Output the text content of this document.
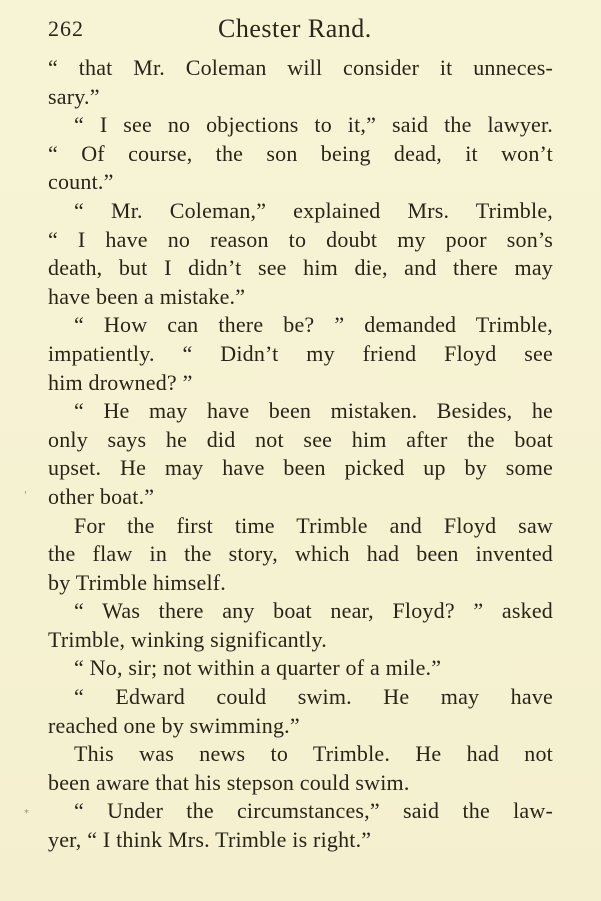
262	Chester Rand.
“ that Mr. Coleman will consider it unneces-
sary.”
“ I see no objections to it,” said the lawyer.
“ Of course, the son being dead, it won’t
count.”
“ Mr. Coleman,” explained Mrs. Trimble,
“ I have no reason to doubt my poor son’s
death, but I didn’t see him die, and there may
have been a mistake.”
“ How can there be? ” demanded Trimble,
impatiently. “ Didn’t my friend Floyd see
him drowned? ”
“ He may have been mistaken. Besides, he
only says he did not see him after the boat
upset. He may have been picked up by some
other boat.”
For the first time Trimble and Floyd saw
the flaw in the story, which had been invented
by Trimble himself.
“ Was there any boat near, Floyd? ” asked
Trimble, winking significantly.
“ No, sir; not within a quarter of a mile.”
“ Edward could swim. He may have
reached one by swimming.”
This was news to Trimble. He had not
been aware that his stepson could swim.
“ Under the circumstances,” said the law-
yer, “ I think Mrs. Trimble is right.”
'
*
